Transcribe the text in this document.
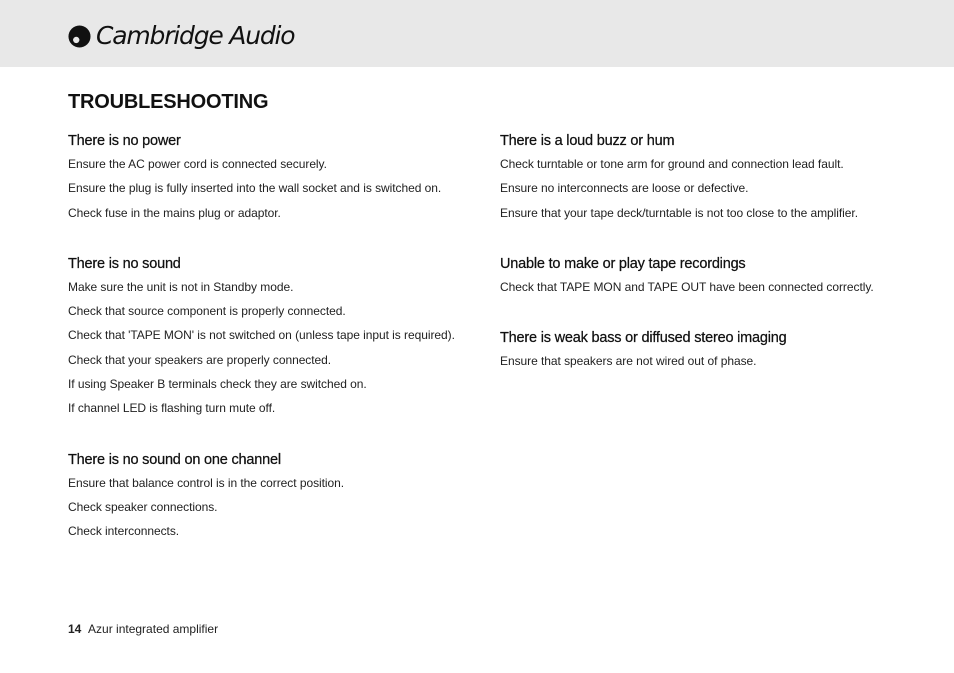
Cambridge Audio
TROUBLESHOOTING
There is no power
Ensure the AC power cord is connected securely.
Ensure the plug is fully inserted into the wall socket and is switched on.
Check fuse in the mains plug or adaptor.
There is no sound
Make sure the unit is not in Standby mode.
Check that source component is properly connected.
Check that 'TAPE MON' is not switched on (unless tape input is required).
Check that your speakers are properly connected.
If using Speaker B terminals check they are switched on.
If channel LED is flashing turn mute off.
There is no sound on one channel
Ensure that balance control is in the correct position.
Check speaker connections.
Check interconnects.
There is a loud buzz or hum
Check turntable or tone arm for ground and connection lead fault.
Ensure no interconnects are loose or defective.
Ensure that your tape deck/turntable is not too close to the amplifier.
Unable to make or play tape recordings
Check that TAPE MON and TAPE OUT have been connected correctly.
There is weak bass or diffused stereo imaging
Ensure that speakers are not wired out of phase.
14 Azur integrated amplifier
